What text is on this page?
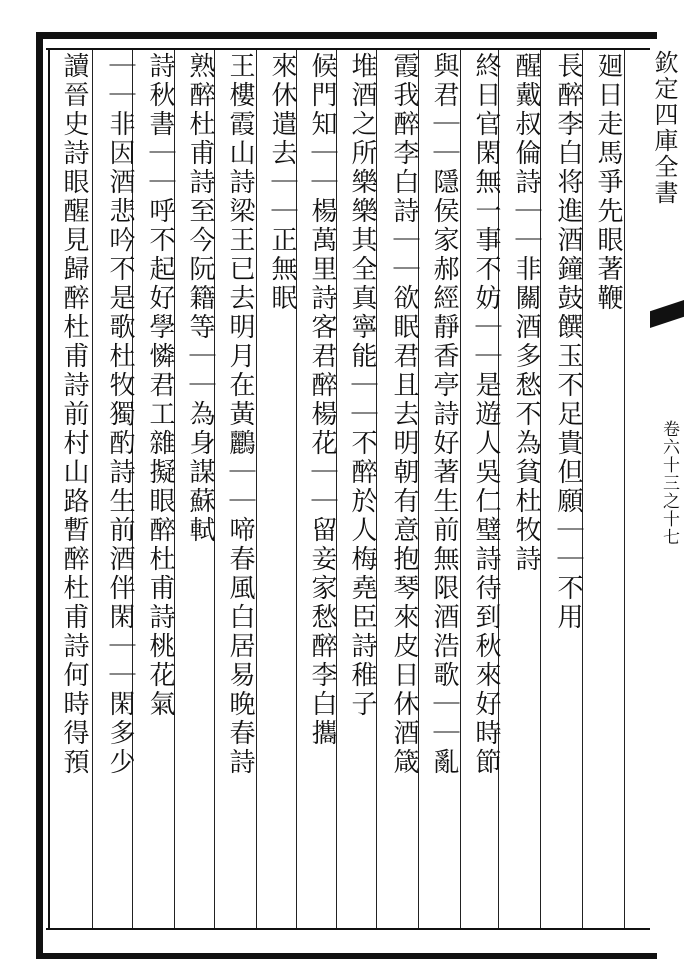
欽定四庫全書
卷六十三之十七
廻日走馬爭先眼著鞭
長醉李白将進酒鐘鼓饌玉不足貴但願｜｜不用
醒戴叔倫詩｜｜非關酒多愁不為貧杜牧詩
終日官閑無一事不妨｜｜是遊人吳仁璧詩待到秋來好時節
與君｜｜隱侯家郝經靜香亭詩好著生前無限酒浩歌｜｜亂
霞我醉李白詩｜｜欲眠君且去明朝有意抱琴來皮日休酒箴
堆酒之所樂樂其全真寧能｜｜不醉於人梅堯臣詩稚子
候門知｜｜楊萬里詩客君醉楊花｜｜留妾家愁醉李白攜
來休遣去｜｜正無眠
王樓霞山詩梁王已去明月在黃鸝｜｜啼春風白居易晚春詩
熟醉杜甫詩至今阮籍等｜｜為身謀蘇軾
詩秋書｜｜呼不起好學憐君工雜擬眼醉杜甫詩桃花氣
｜｜非因酒悲吟不是歌杜牧獨酌詩生前酒伴閑｜｜閑多少
讀晉史詩眼醒見歸醉杜甫詩前村山路暫醉杜甫詩何時得預
